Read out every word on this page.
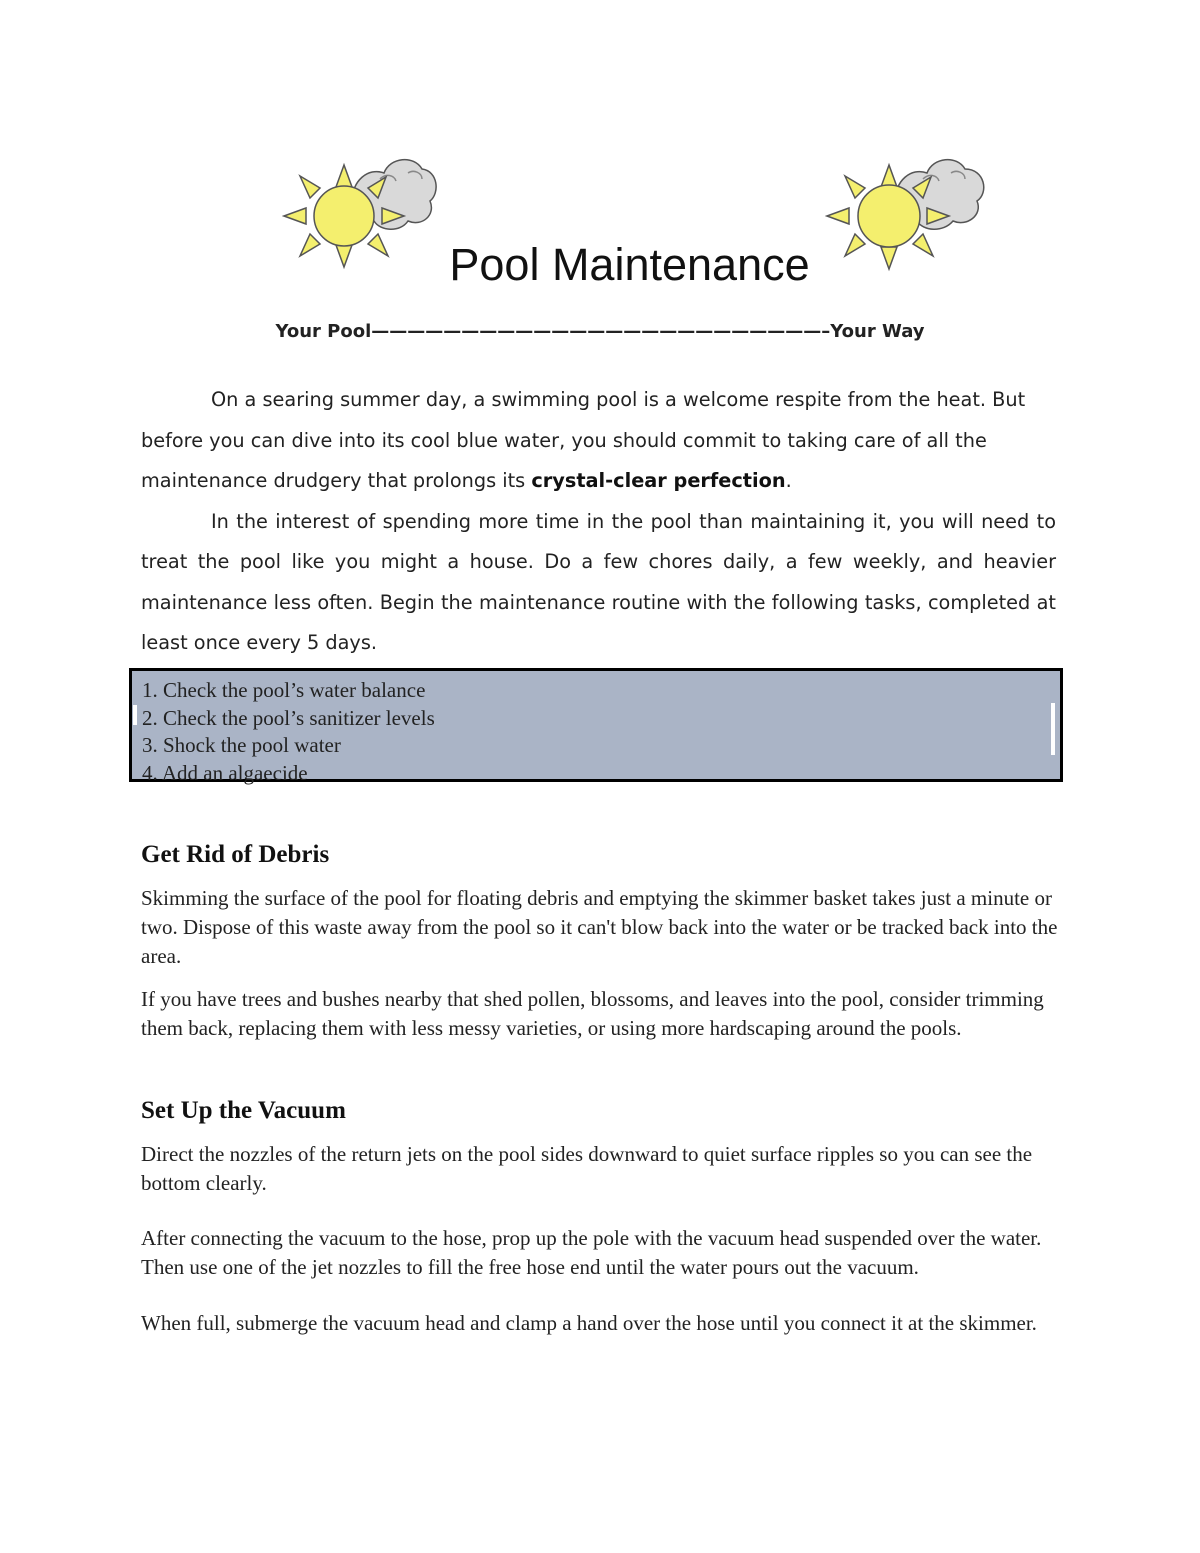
Pool Maintenance
Your Pool—————————————————————————–Your Way

On a searing summer day, a swimming pool is a welcome respite from the heat. But before you can dive into its cool blue water, you should commit to taking care of all the maintenance drudgery that prolongs its crystal-clear perfection.

In the interest of spending more time in the pool than maintaining it, you will need to treat the pool like you might a house. Do a few chores daily, a few weekly, and heavier maintenance less often. Begin the maintenance routine with the following tasks, completed at least once every 5 days.

1. Check the pool’s water balance
2. Check the pool’s sanitizer levels
3. Shock the pool water
4. Add an algaecide
Get Rid of Debris

Skimming the surface of the pool for floating debris and emptying the skimmer basket takes just a minute or two. Dispose of this waste away from the pool so it can't blow back into the water or be tracked back into the area.

If you have trees and bushes nearby that shed pollen, blossoms, and leaves into the pool, consider trimming them back, replacing them with less messy varieties, or using more hardscaping around the pools.

Set Up the Vacuum

Direct the nozzles of the return jets on the pool sides downward to quiet surface ripples so you can see the bottom clearly.

After connecting the vacuum to the hose, prop up the pole with the vacuum head suspended over the water. Then use one of the jet nozzles to fill the free hose end until the water pours out the vacuum.

When full, submerge the vacuum head and clamp a hand over the hose until you connect it at the skimmer.
